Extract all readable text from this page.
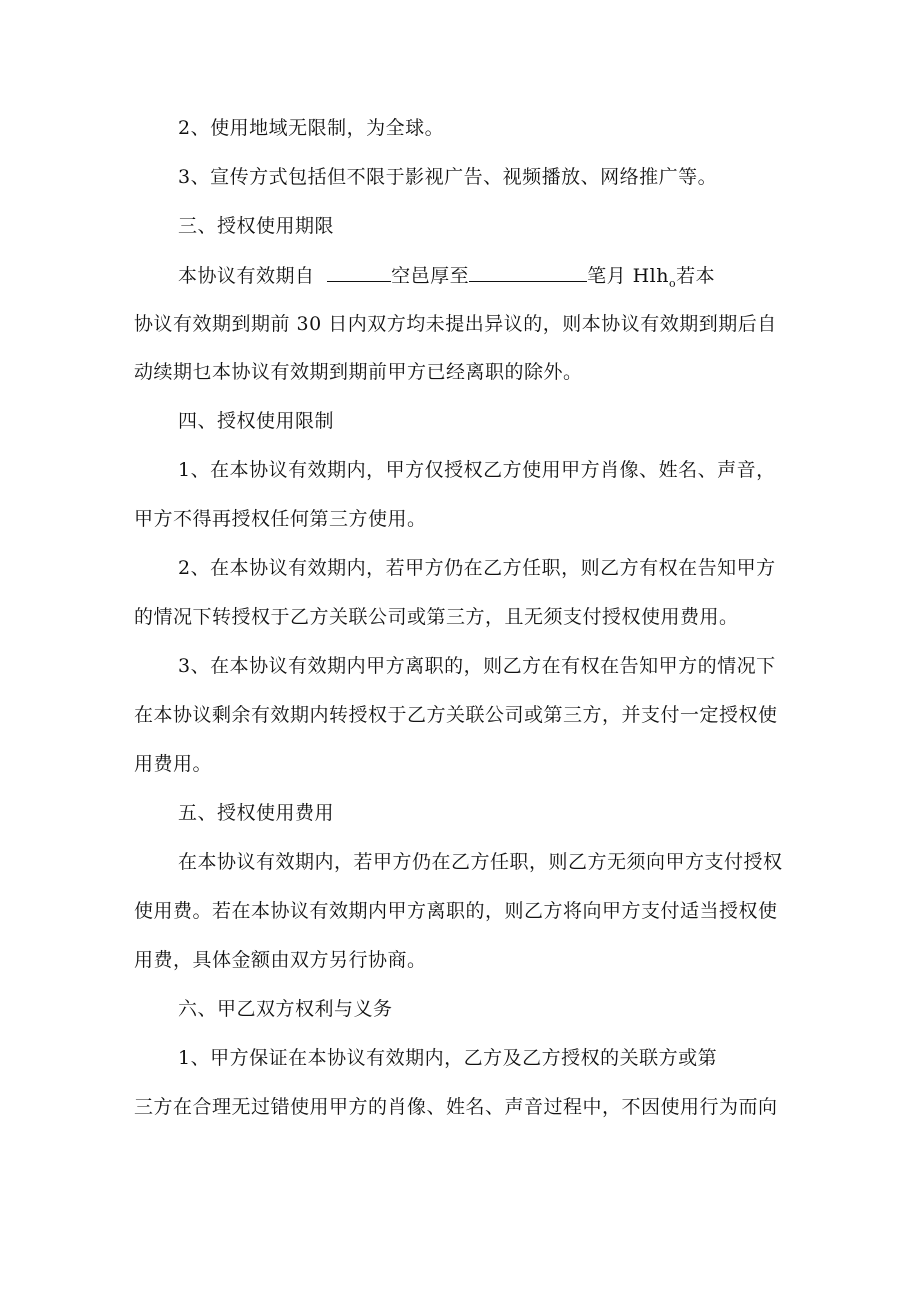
2、使用地域无限制，为全球。
3、宣传方式包括但不限于影视广告、视频播放、网络推广等。
三、授权使用期限
本协议有效期自	空邑厚至	笔月 Hlh$_o$若本
协议有效期到期前 30 日内双方均未提出异议的，则本协议有效期到期后自
动续期乜本协议有效期到期前甲方已经离职的除外。
四、授权使用限制
1、在本协议有效期内，甲方仅授权乙方使用甲方肖像、姓名、声音，
甲方不得再授权任何第三方使用。
2、在本协议有效期内，若甲方仍在乙方任职，则乙方有权在告知甲方
的情况下转授权于乙方关联公司或第三方，且无须支付授权使用费用。
3、在本协议有效期内甲方离职的，则乙方在有权在告知甲方的情况下
在本协议剩余有效期内转授权于乙方关联公司或第三方，并支付一定授权使
用费用。
五、授权使用费用
在本协议有效期内，若甲方仍在乙方任职，则乙方无须向甲方支付授权
使用费。若在本协议有效期内甲方离职的，则乙方将向甲方支付适当授权使
用费，具体金额由双方另行协商。
六、甲乙双方权利与义务
1、甲方保证在本协议有效期内，乙方及乙方授权的关联方或第
三方在合理无过错使用甲方的肖像、姓名、声音过程中，不因使用行为而向
